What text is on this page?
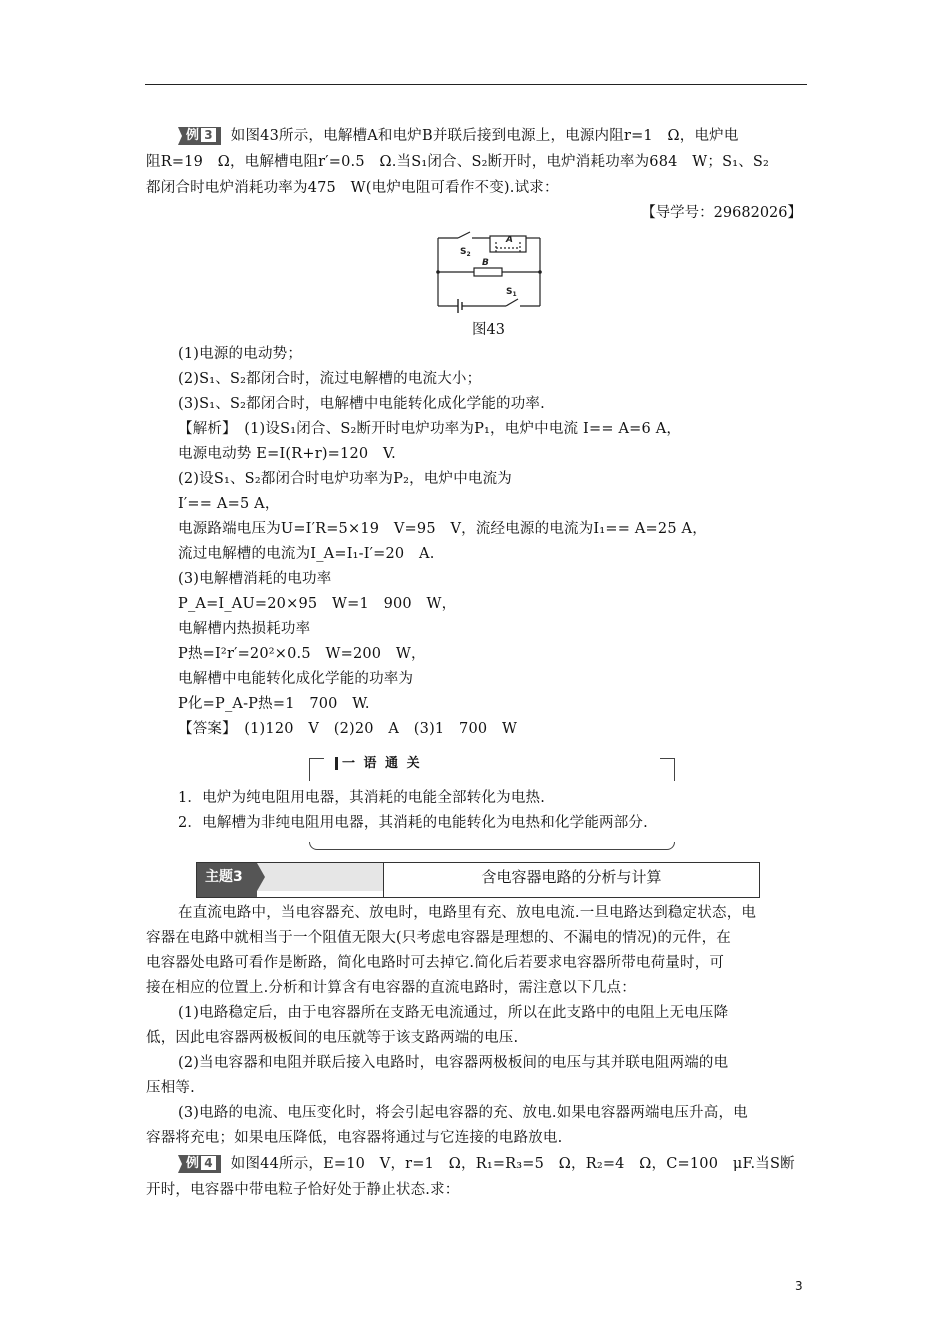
例 3 如图43所示，电解槽A和电炉B并联后接到电源上，电源内阻r=1　Ω，电炉电
阻R=19　Ω，电解槽电阻r′=0.5　Ω.当S₁闭合、S₂断开时，电炉消耗功率为684　W；S₁、S₂
都闭合时电炉消耗功率为475　W(电炉电阻可看作不变).试求：
【导学号：29682026】
$S_2$
A
B
$S_1$
图43
(1)电源的电动势；
(2)S₁、S₂都闭合时，流过电解槽的电流大小；
(3)S₁、S₂都闭合时，电解槽中电能转化成化学能的功率.
【解析】　(1)设S₁闭合、S₂断开时电炉功率为P₁，电炉中电流 I== A=6 A，
电源电动势 E=I(R+r)=120　V.
(2)设S₁、S₂都闭合时电炉功率为P₂，电炉中电流为
I′== A=5 A，
电源路端电压为U=I′R=5×19　V=95　V，流经电源的电流为I₁== A=25 A，
流过电解槽的电流为I_A=I₁-I′=20　A.
(3)电解槽消耗的电功率
P_A=I_AU=20×95　W=1　900　W，
电解槽内热损耗功率
P热=I²r′=20²×0.5　W=200　W，
电解槽中电能转化成化学能的功率为
P化=P_A-P热=1　700　W.
【答案】　(1)120　V　(2)20　A　(3)1　700　W
一 语 通 关
1．电炉为纯电阻用电器，其消耗的电能全部转化为电热.
2．电解槽为非纯电阻用电器，其消耗的电能转化为电热和化学能两部分.
主题3	含电容器电路的分析与计算
在直流电路中，当电容器充、放电时，电路里有充、放电电流.一旦电路达到稳定状态，电
容器在电路中就相当于一个阻值无限大(只考虑电容器是理想的、不漏电的情况)的元件，在
电容器处电路可看作是断路，简化电路时可去掉它.简化后若要求电容器所带电荷量时，可
接在相应的位置上.分析和计算含有电容器的直流电路时，需注意以下几点：
(1)电路稳定后，由于电容器所在支路无电流通过，所以在此支路中的电阻上无电压降
低，因此电容器两极板间的电压就等于该支路两端的电压.
(2)当电容器和电阻并联后接入电路时，电容器两极板间的电压与其并联电阻两端的电
压相等.
(3)电路的电流、电压变化时，将会引起电容器的充、放电.如果电容器两端电压升高，电
容器将充电；如果电压降低，电容器将通过与它连接的电路放电.
例 4 如图44所示，E=10　V，r=1　Ω，R₁=R₃=5　Ω，R₂=4　Ω，C=100　μF.当S断
开时，电容器中带电粒子恰好处于静止状态.求：
3
